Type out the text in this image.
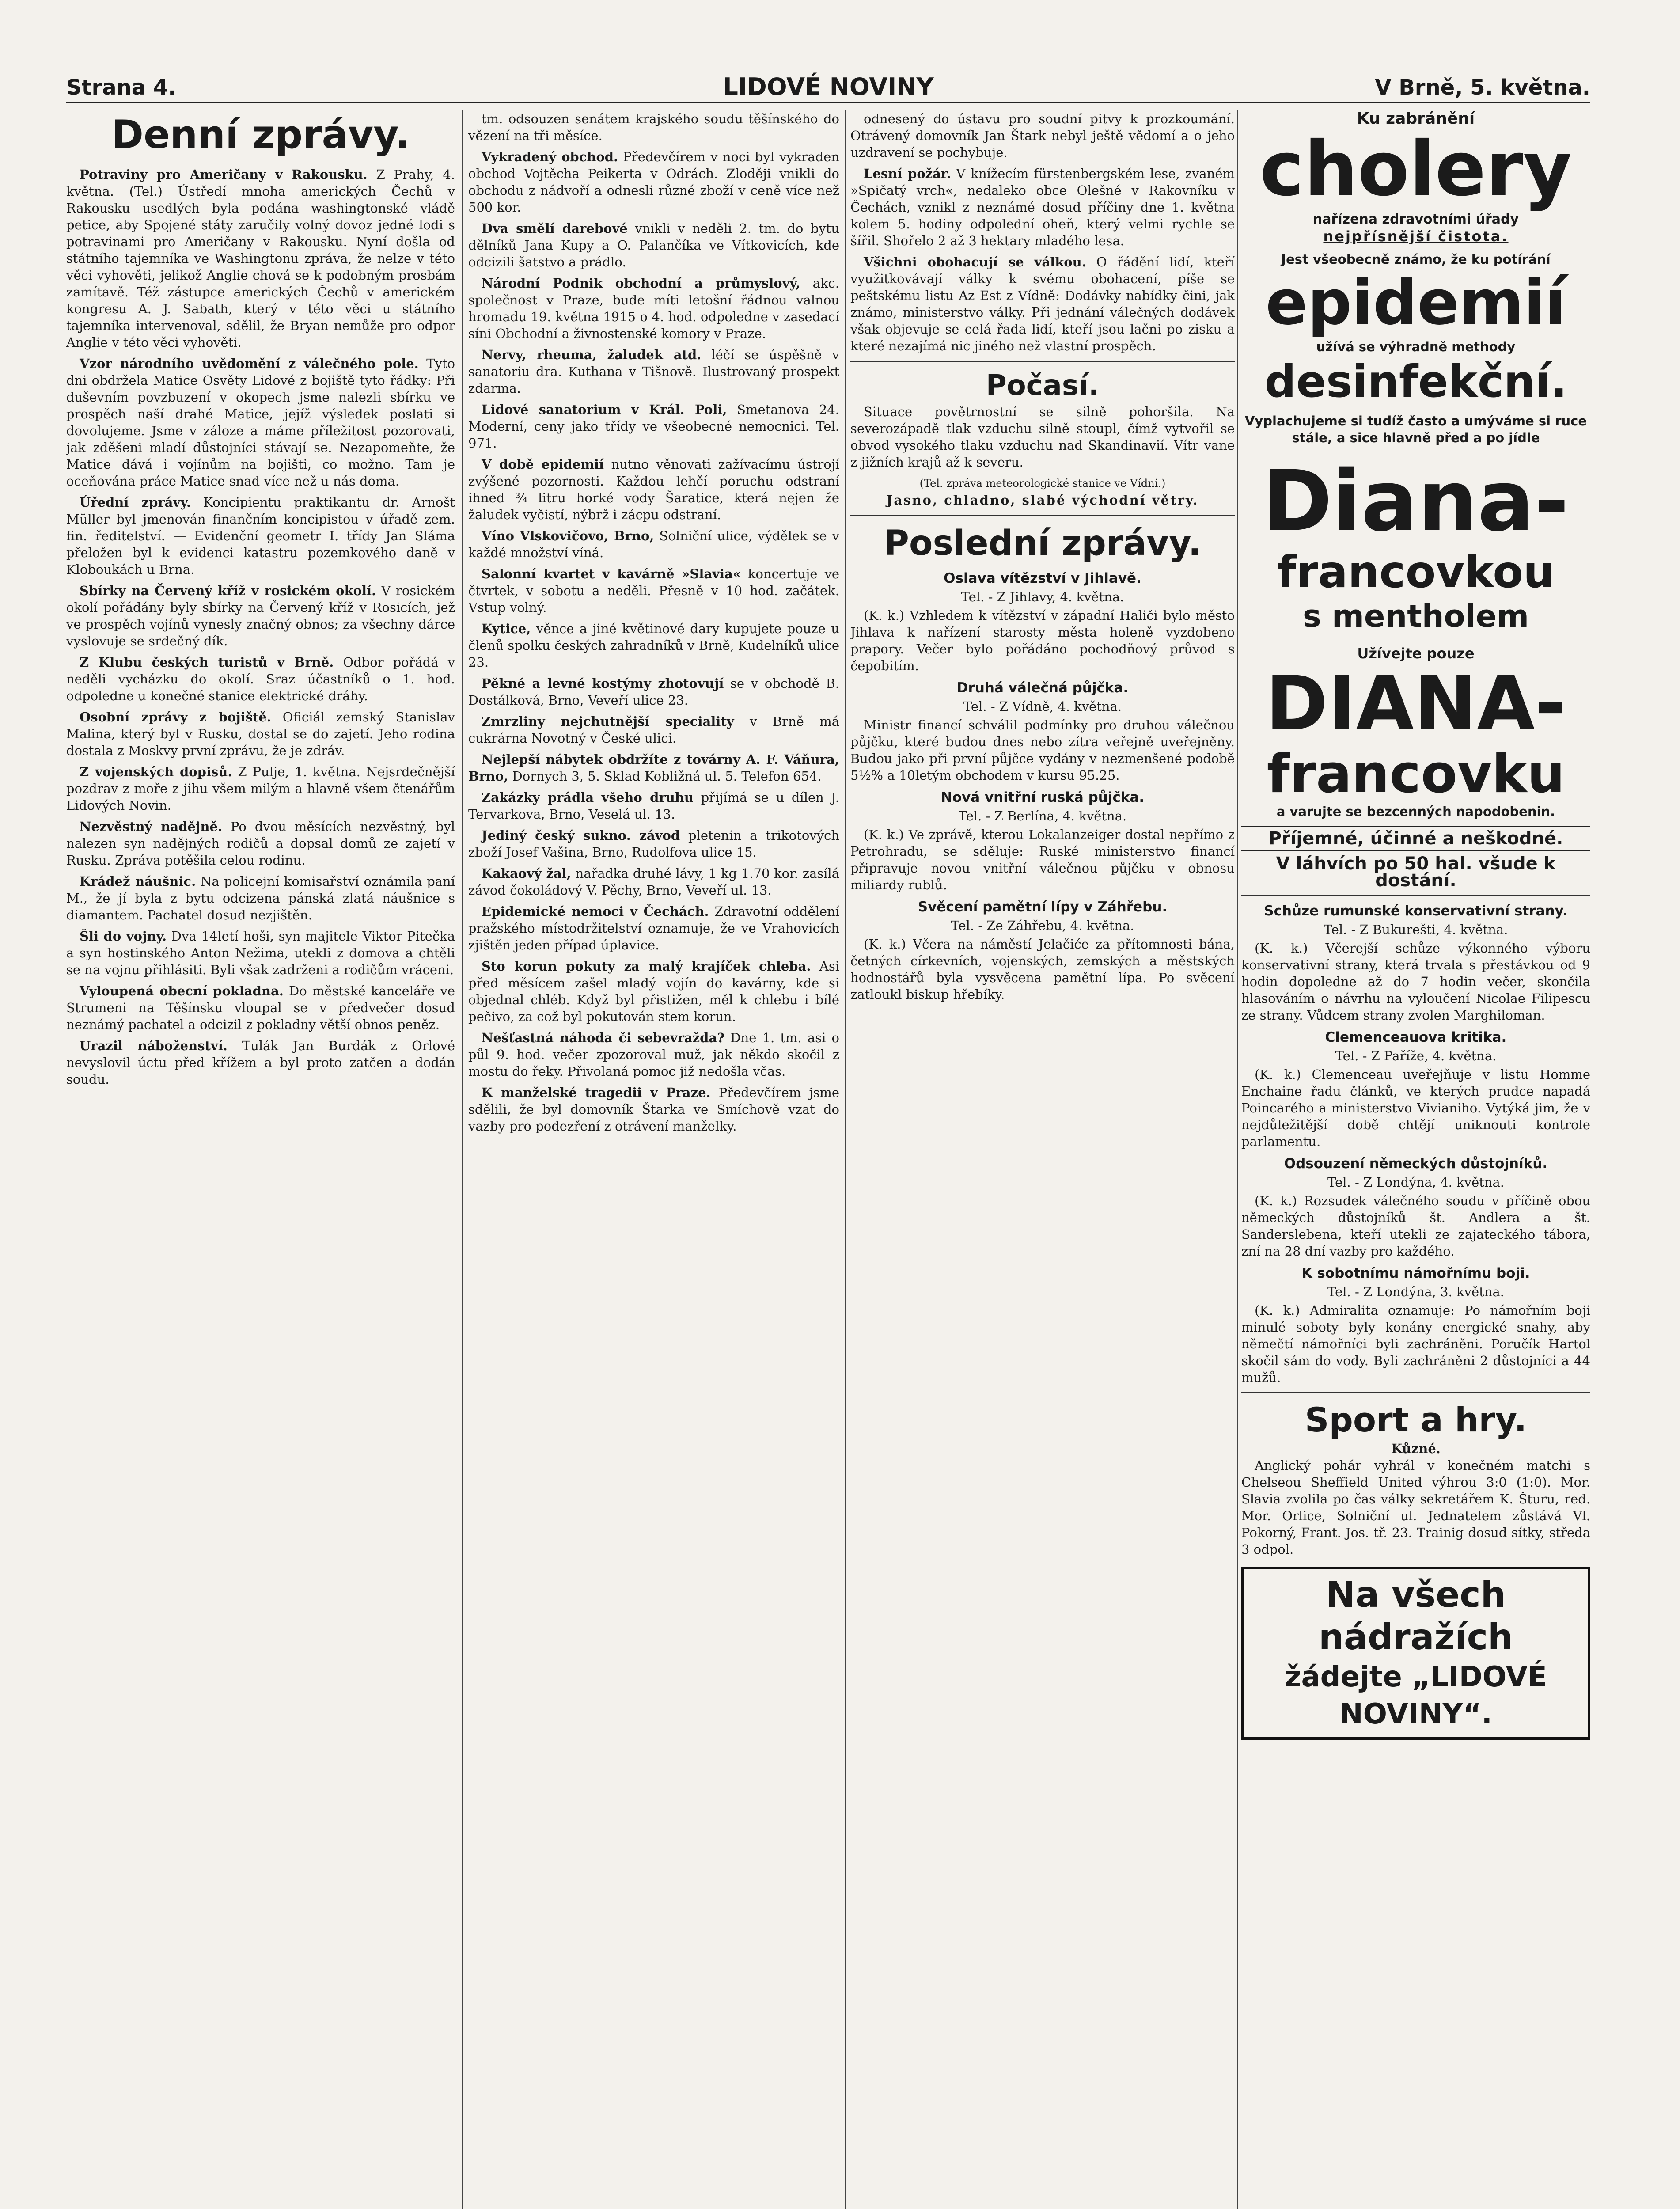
Strana 4.	LIDOVÉ NOVINY	V Brně, 5. května.
Denní zprávy.

Potraviny pro Američany v Rakousku. Z Prahy, 4. května. (Tel.) Ústředí mnoha amerických Čechů v Rakousku usedlých byla podána washingtonské vládě petice, aby Spojené státy zaručily volný dovoz jedné lodi s potravinami pro Američany v Rakousku. Nyní došla od státního tajemníka ve Washingtonu zpráva, že nelze v této věci vyhověti, jelikož Anglie chová se k podobným prosbám zamítavě. Též zástupce amerických Čechů v americkém kongresu A. J. Sabath, který v této věci u státního tajemníka intervenoval, sdělil, že Bryan nemůže pro odpor Anglie v této věci vyhověti.

Vzor národního uvědomění z válečného pole. Tyto dni obdržela Matice Osvěty Lidové z bojiště tyto řádky: Při duševním povzbuzení v okopech jsme nalezli sbírku ve prospěch naší drahé Matice, jejíž výsledek poslati si dovolujeme. Jsme v záloze a máme příležitost pozorovati, jak zděšeni mladí důstojníci stávají se. Nezapomeňte, že Matice dává i vojínům na bojišti, co možno. Tam je oceňována práce Matice snad více než u nás doma.

Úřední zprávy. Koncipientu praktikantu dr. Arnošt Müller byl jmenován finančním koncipistou v úřadě zem. fin. ředitelství. — Evidenční geometr I. třídy Jan Sláma přeložen byl k evidenci katastru pozemkového daně v Kloboukách u Brna.

Sbírky na Červený kříž v rosickém okolí. V rosickém okolí pořádány byly sbírky na Červený kříž v Rosicích, jež ve prospěch vojínů vynesly značný obnos; za všechny dárce vyslovuje se srdečný dík.

Z Klubu českých turistů v Brně. Odbor pořádá v neděli vycházku do okolí. Sraz účastníků o 1. hod. odpoledne u konečné stanice elektrické dráhy.

Osobní zprávy z bojiště. Oficiál zemský Stanislav Malina, který byl v Rusku, dostal se do zajetí. Jeho rodina dostala z Moskvy první zprávu, že je zdráv.

Z vojenských dopisů. Z Pulje, 1. května. Nejsrdečnější pozdrav z moře z jihu všem milým a hlavně všem čtenářům Lidových Novin.

Nezvěstný nadějně. Po dvou měsících nezvěstný, byl nalezen syn nadějných rodičů a dopsal domů ze zajetí v Rusku. Zpráva potěšila celou rodinu.

Krádež náušnic. Na policejní komisařství oznámila paní M., že jí byla z bytu odcizena pánská zlatá náušnice s diamantem. Pachatel dosud nezjištěn.

Šli do vojny. Dva 14letí hoši, syn majitele Viktor Pitečka a syn hostinského Anton Nežima, utekli z domova a chtěli se na vojnu přihlásiti. Byli však zadrženi a rodičům vráceni.

Vyloupená obecní pokladna. Do městské kanceláře ve Strumeni na Těšínsku vloupal se v předvečer dosud neznámý pachatel a odcizil z pokladny větší obnos peněz.

Urazil náboženství. Tulák Jan Burdák z Orlové nevyslovil úctu před křížem a byl proto zatčen a dodán soudu.

tm. odsouzen senátem krajského soudu těšínského do vězení na tři měsíce.

Vykradený obchod. Předevčírem v noci byl vykraden obchod Vojtěcha Peikerta v Odrách. Zloději vnikli do obchodu z nádvoří a odnesli různé zboží v ceně více než 500 kor.

Dva smělí darebové vnikli v neděli 2. tm. do bytu dělníků Jana Kupy a O. Palančíka ve Vítkovicích, kde odcizili šatstvo a prádlo.

Národní Podnik obchodní a průmyslový, akc. společnost v Praze, bude míti letošní řádnou valnou hromadu 19. května 1915 o 4. hod. odpoledne v zasedací síni Obchodní a živnostenské komory v Praze.

Nervy, rheuma, žaludek atd. léčí se úspěšně v sanatoriu dra. Kuthana v Tišnově. Ilustrovaný prospekt zdarma.

Lidové sanatorium v Král. Poli, Smetanova 24. Moderní, ceny jako třídy ve všeobecné nemocnici. Tel. 971.

V době epidemií nutno věnovati zažívacímu ústrojí zvýšené pozornosti. Každou lehčí poruchu odstraní ihned ¾ litru horké vody Šaratice, která nejen že žaludek vyčistí, nýbrž i zácpu odstraní.

Víno Vlskovičovo, Brno, Solniční ulice, výdělek se v každé množství víná.

Salonní kvartet v kavárně »Slavia« koncertuje ve čtvrtek, v sobotu a neděli. Přesně v 10 hod. začátek. Vstup volný.

Kytice, věnce a jiné květinové dary kupujete pouze u členů spolku českých zahradníků v Brně, Kudelníků ulice 23.

Pěkné a levné kostýmy zhotovují se v obchodě B. Dostálková, Brno, Veveří ulice 23.

Zmrzliny nejchutnější speciality v Brně má cukrárna Novotný v České ulici.

Nejlepší nábytek obdržíte z továrny A. F. Váňura, Brno, Dornych 3, 5. Sklad Kobližná ul. 5. Telefon 654.

Zakázky prádla všeho druhu přijímá se u dílen J. Tervarkova, Brno, Veselá ul. 13.

Jediný český sukno. závod pletenin a trikotových zboží Josef Vašina, Brno, Rudolfova ulice 15.

Kakaový žal, nařadka druhé lávy, 1 kg 1.70 kor. zasílá závod čokoládový V. Pěchy, Brno, Veveří ul. 13.

Epidemické nemoci v Čechách. Zdravotní oddělení pražského místodržitelství oznamuje, že ve Vrahovicích zjištěn jeden případ úplavice.

Sto korun pokuty za malý krajíček chleba. Asi před měsícem zašel mladý vojín do kavárny, kde si objednal chléb. Když byl přistižen, měl k chlebu i bílé pečivo, za což byl pokutován stem korun.

Nešťastná náhoda či sebevražda? Dne 1. tm. asi o půl 9. hod. večer zpozoroval muž, jak někdo skočil z mostu do řeky. Přivolaná pomoc již nedošla včas.

K manželské tragedii v Praze. Předevčírem jsme sdělili, že byl domovník Štarka ve Smíchově vzat do vazby pro podezření z otrávení manželky.

odnesený do ústavu pro soudní pitvy k prozkoumání. Otrávený domovník Jan Štark nebyl ještě vědomí a o jeho uzdravení se pochybuje.

Lesní požár. V knížecím fürstenbergském lese, zvaném »Spičatý vrch«, nedaleko obce Olešné v Rakovníku v Čechách, vznikl z neznámé dosud příčiny dne 1. května kolem 5. hodiny odpolední oheň, který velmi rychle se šířil. Shořelo 2 až 3 hektary mladého lesa.

Všichni obohacují se válkou. O řádění lidí, kteří využitkovávají války k svému obohacení, píše se peštskému listu Az Est z Vídně: Dodávky nabídky čini, jak známo, ministerstvo války. Při jednání válečných dodávek však objevuje se celá řada lidí, kteří jsou lačni po zisku a které nezajímá nic jiného než vlastní prospěch.

Počasí.

Situace povětrnostní se silně pohoršila. Na severozápadě tlak vzduchu silně stoupl, čímž vytvořil se obvod vysokého tlaku vzduchu nad Skandinavií. Vítr vane z jižních krajů až k severu.

(Tel. zpráva meteorologické stanice ve Vídni.)
Jasno, chladno, slabé východní větry.
Poslední zprávy.
Oslava vítězství v Jihlavě.
Tel. - Z Jihlavy, 4. května.

(K. k.) Vzhledem k vítězství v západní Haliči bylo město Jihlava k nařízení starosty města holeně vyzdobeno prapory. Večer bylo pořádáno pochodňový průvod s čepobitím.

Druhá válečná půjčka.
Tel. - Z Vídně, 4. května.

Ministr financí schválil podmínky pro druhou válečnou půjčku, které budou dnes nebo zítra veřejně uveřejněny. Budou jako při první půjčce vydány v nezmenšené podobě 5½% a 10letým obchodem v kursu 95.25.

Nová vnitřní ruská půjčka.
Tel. - Z Berlína, 4. května.

(K. k.) Ve zprávě, kterou Lokalanzeiger dostal nepřímo z Petrohradu, se sděluje: Ruské ministerstvo financí připravuje novou vnitřní válečnou půjčku v obnosu miliardy rublů.

Svěcení pamětní lípy v Záhřebu.
Tel. - Ze Záhřebu, 4. května.

(K. k.) Včera na náměstí Jelačiće za přítomnosti bána, četných církevních, vojenských, zemských a městských hodnostářů byla vysvěcena pamětní lípa. Po svěcení zatloukl biskup hřebíky.

Ku zabránění
cholery
nařízena zdravotními úřady
nejpřísnější čistota.
Jest všeobecně známo, že ku potírání
epidemií
užívá se výhradně methody
desinfekční.
Vyplachujeme si tudíž často a umýváme si ruce stále, a sice hlavně před a po jídle
Diana-
francovkou
s mentholem
Užívejte pouze
DIANA-
francovku
a varujte se bezcenných napodobenin.
Příjemné, účinné a neškodné.
V láhvích po 50 hal. všude k dostání.
Schůze rumunské konservativní strany.
Tel. - Z Bukurešti, 4. května.

(K. k.) Včerejší schůze výkonného výboru konservativní strany, která trvala s přestávkou od 9 hodin dopoledne až do 7 hodin večer, skončila hlasováním o návrhu na vyloučení Nicolae Filipescu ze strany. Vůdcem strany zvolen Marghiloman.

Clemenceauova kritika.
Tel. - Z Paříže, 4. května.

(K. k.) Clemenceau uveřejňuje v listu Homme Enchaine řadu článků, ve kterých prudce napadá Poincarého a ministerstvo Vivianiho. Vytýká jim, že v nejdůležitější době chtějí uniknouti kontrole parlamentu.

Odsouzení německých důstojníků.
Tel. - Z Londýna, 4. května.

(K. k.) Rozsudek válečného soudu v příčině obou německých důstojníků št. Andlera a št. Sanderslebena, kteří utekli ze zajateckého tábora, zní na 28 dní vazby pro každého.

K sobotnímu námořnímu boji.
Tel. - Z Londýna, 3. května.

(K. k.) Admiralita oznamuje: Po námořním boji minulé soboty byly konány energické snahy, aby němečtí námořníci byli zachráněni. Poručík Hartol skočil sám do vody. Byli zachráněni 2 důstojníci a 44 mužů.

Sport a hry.
Kůzné.

Anglický pohár vyhrál v konečném matchi s Chelseou Sheffield United výhrou 3:0 (1:0). Mor. Slavia zvolila po čas války sekretářem K. Šturu, red. Mor. Orlice, Solniční ul. Jednatelem zůstává Vl. Pokorný, Frant. Jos. tř. 23. Trainig dosud sítky, středa 3 odpol.

Na všech nádražích
žádejte „LIDOVÉ NOVINY“.
